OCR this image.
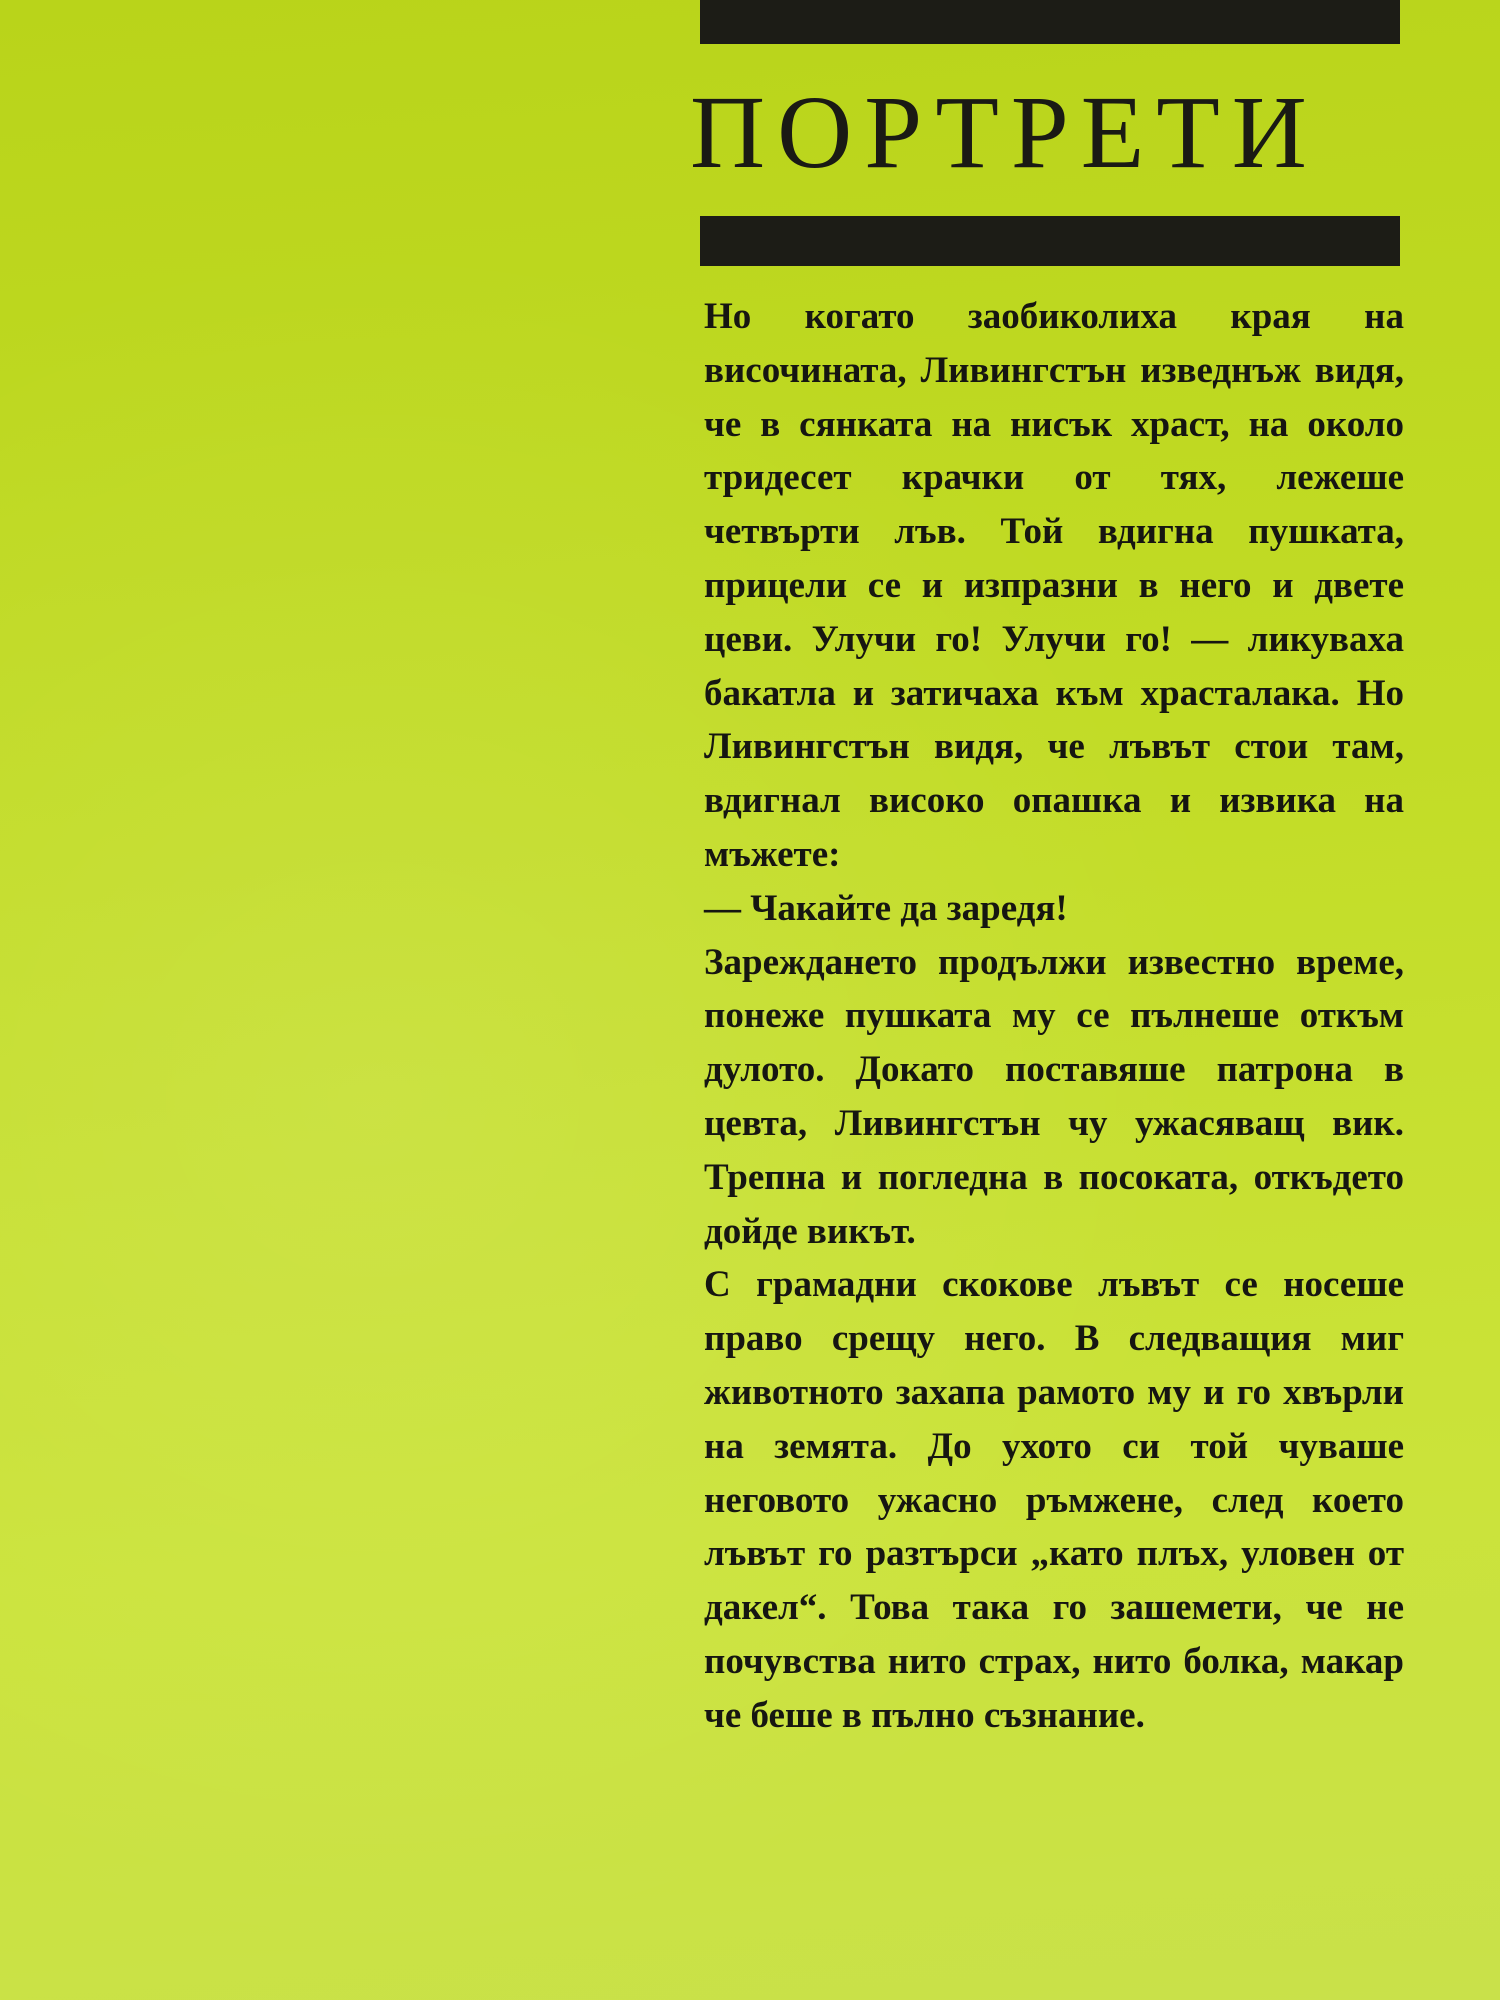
ПОРТРЕТИ

Но когато заобиколиха края на височината, Ливингстън изведнъж видя, че в сянката на нисък храст, на около тридесет крачки от тях, лежеше четвърти лъв. Той вдигна пушката, прицели се и изпразни в него и двете цеви. Улучи го! Улучи го! — ликуваха бакатла и затичаха към храсталака. Но Ливингстън видя, че лъвът стои там, вдигнал високо опашка и извика на мъжете:

— Чакайте да заредя!

Зареждането продължи известно време, понеже пушката му се пълнеше откъм дулото. Докато поставяше патрона в цевта, Ливингстън чу ужасяващ вик. Трепна и погледна в посоката, откъдето дойде викът.

С грамадни скокове лъвът се носеше право срещу него. В следващия миг животното захапа рамото му и го хвърли на земята. До ухото си той чуваше неговото ужасно ръмжене, след което лъвът го разтърси „като плъх, уловен от дакел“. Това така го зашемети, че не почувства нито страх, нито болка, макар че беше в пълно съзнание.
